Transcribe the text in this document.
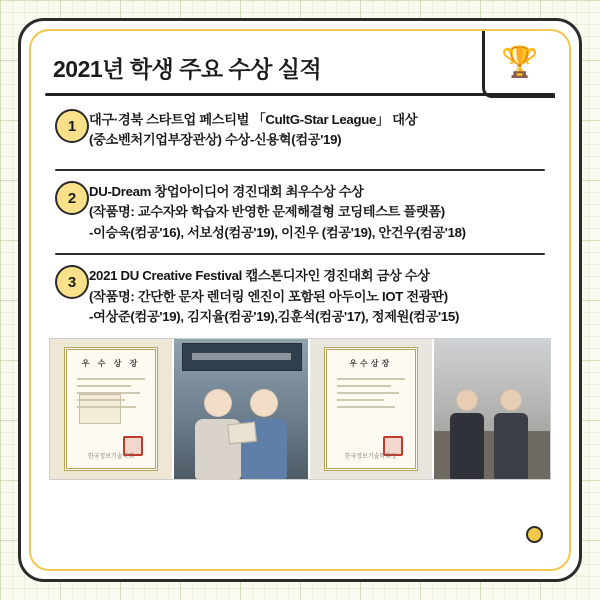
2021년 학생 주요 수상 실적	🏆
1 대구·경북 스타트업 페스티벌 「CultG-Star League」 대상
(중소벤처기업부장관상) 수상-신용혁(컴공'19)
2 DU-Dream 창업아이디어 경진대회 최우수상 수상
(작품명: 교수자와 학습자 반영한 문제해결형 코딩테스트 플랫폼)
-이승욱(컴공'16), 서보성(컴공'19), 이진우 (컴공'19), 안건우(컴공'18)
3 2021 DU Creative Festival 캡스톤디자인 경진대회 금상 수상
(작품명: 간단한 문자 렌더링 엔진이 포함된 아두이노 IOT 전광판)
-여상준(컴공'19), 김지율(컴공'19),김훈석(컴공'17), 정제원(컴공'15)
우 수 상 장
한국정보기술학회
우수상장
한국정보기술학회장
